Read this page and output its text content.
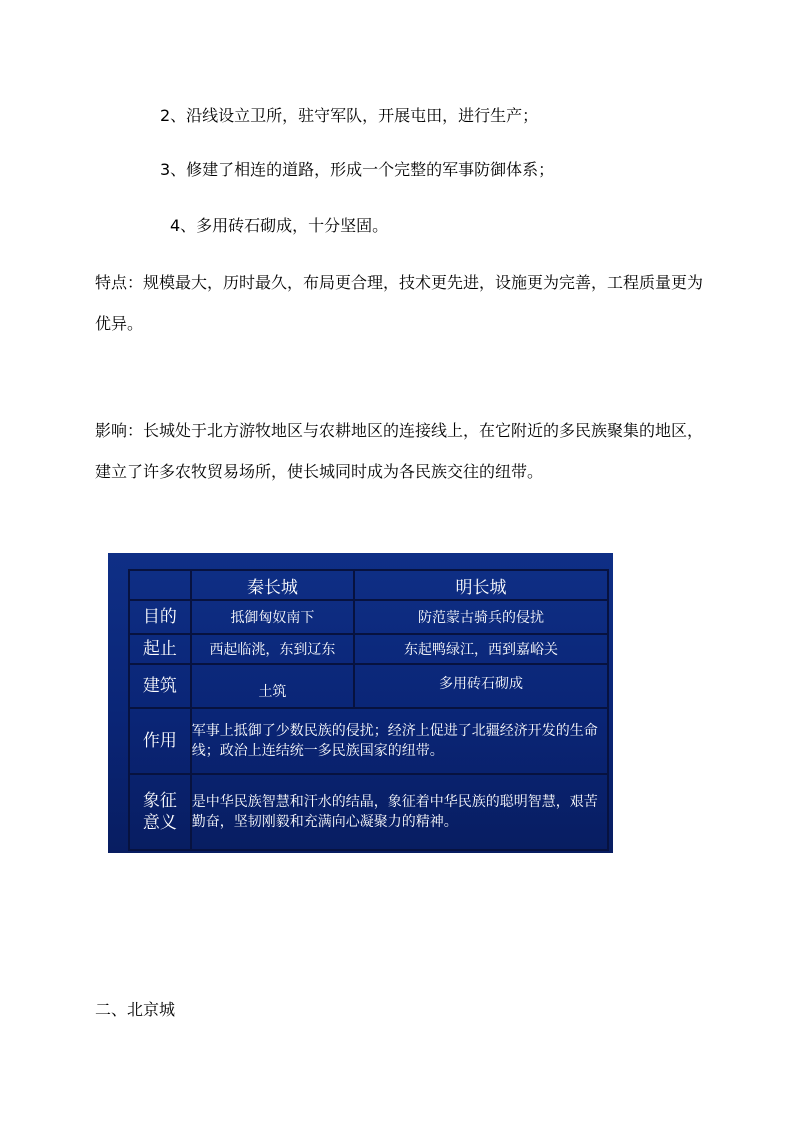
2、沿线设立卫所，驻守军队，开展屯田，进行生产；
3、修建了相连的道路，形成一个完整的军事防御体系；
4、多用砖石砌成，十分坚固。
特点：规模最大，历时最久，布局更合理，技术更先进，设施更为完善，工程质量更为优异。
影响：长城处于北方游牧地区与农耕地区的连接线上，在它附近的多民族聚集的地区，建立了许多农牧贸易场所，使长城同时成为各民族交往的纽带。
	秦长城	明长城
目的	抵御匈奴南下	防范蒙古骑兵的侵扰
起止	西起临洮，东到辽东	东起鸭绿江，西到嘉峪关
建筑	土筑	多用砖石砌成
作用	军事上抵御了少数民族的侵扰；经济上促进了北疆经济开发的生命线；政治上连结统一多民族国家的纽带。	
象征
意义	是中华民族智慧和汗水的结晶，象征着中华民族的聪明智慧，艰苦勤奋，坚韧刚毅和充满向心凝聚力的精神。	
二、北京城
